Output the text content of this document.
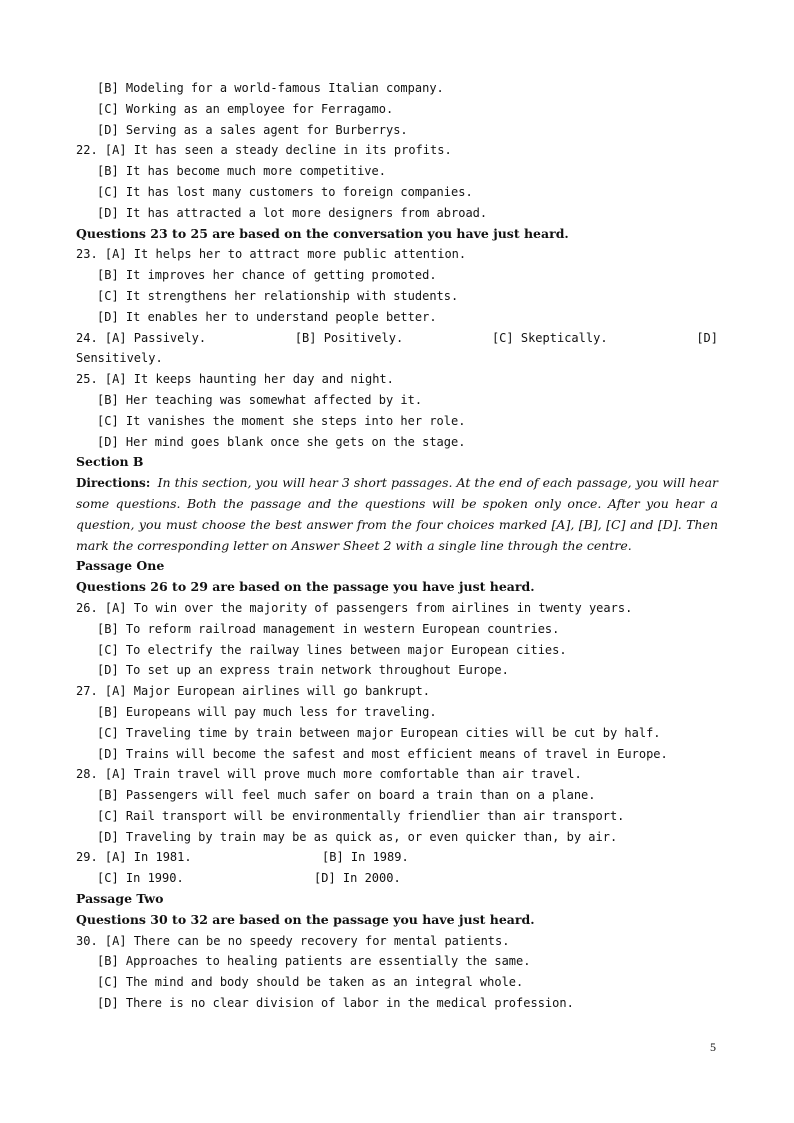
[B] Modeling for a world-famous Italian company.
[C] Working as an employee for Ferragamo.
[D] Serving as a sales agent for Burberrys.
22. [A] It has seen a steady decline in its profits.
[B] It has become much more competitive.
[C] It has lost many customers to foreign companies.
[D] It has attracted a lot more designers from abroad.
Questions 23 to 25 are based on the conversation you have just heard.
23. [A] It helps her to attract more public attention.
[B] It improves her chance of getting promoted.
[C] It strengthens her relationship with students.
[D] It enables her to understand people better.
24. [A] Passively.	[B] Positively.	[C] Skeptically.	[D]
Sensitively.
25. [A] It keeps haunting her day and night.
[B] Her teaching was somewhat affected by it.
[C] It vanishes the moment she steps into her role.
[D] Her mind goes blank once she gets on the stage.
Section B
Directions: In this section, you will hear 3 short passages. At the end of each passage, you will hear some questions. Both the passage and the questions will be spoken only once. After you hear a question, you must choose the best answer from the four choices marked [A], [B], [C] and [D]. Then mark the corresponding letter on Answer Sheet 2 with a single line through the centre.
Passage One
Questions 26 to 29 are based on the passage you have just heard.
26. [A] To win over the majority of passengers from airlines in twenty years.
[B] To reform railroad management in western European countries.
[C] To electrify the railway lines between major European cities.
[D] To set up an express train network throughout Europe.
27. [A] Major European airlines will go bankrupt.
[B] Europeans will pay much less for traveling.
[C] Traveling time by train between major European cities will be cut by half.
[D] Trains will become the safest and most efficient means of travel in Europe.
28. [A] Train travel will prove much more comfortable than air travel.
[B] Passengers will feel much safer on board a train than on a plane.
[C] Rail transport will be environmentally friendlier than air transport.
[D] Traveling by train may be as quick as, or even quicker than, by air.

29. [A] In 1981.

	[B] In 1989.

[C] In 1990.

	[D] In 2000.

Passage Two
Questions 30 to 32 are based on the passage you have just heard.
30. [A] There can be no speedy recovery for mental patients.
[B] Approaches to healing patients are essentially the same.
[C] The mind and body should be taken as an integral whole.
[D] There is no clear division of labor in the medical profession.
5
